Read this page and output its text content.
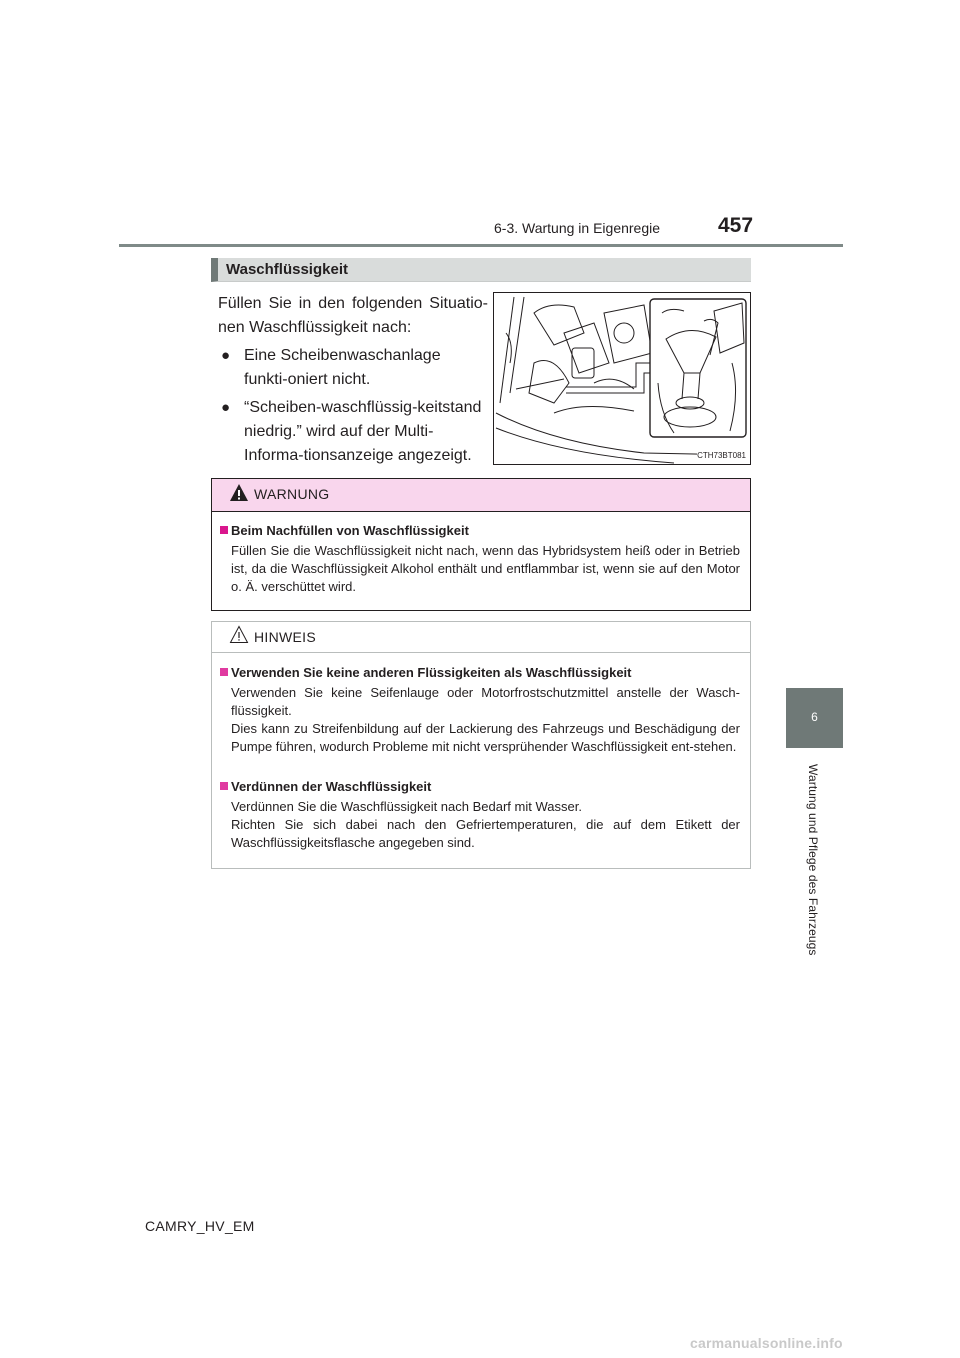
6-3. Wartung in Eigenregie	457
6
Wartung und Pflege des Fahrzeugs
Waschflüssigkeit

Füllen Sie in den folgenden Situatio-nen Waschflüssigkeit nach:

● Eine Scheibenwaschanlage funkti-oniert nicht.
● “Scheiben-waschflüssig-keitstand niedrig.” wird auf der Multi-Informa-tionsanzeige angezeigt.	CTH73BT081
WARNUNG
Beim Nachfüllen von Waschflüssigkeit
Füllen Sie die Waschflüssigkeit nicht nach, wenn das Hybridsystem heiß oder in Betrieb ist, da die Waschflüssigkeit Alkohol enthält und entflammbar ist, wenn sie auf den Motor o. Ä. verschüttet wird.
HINWEIS
Verwenden Sie keine anderen Flüssigkeiten als Waschflüssigkeit

Verwenden Sie keine Seifenlauge oder Motorfrostschutzmittel anstelle der Wasch-flüssigkeit.

Dies kann zu Streifenbildung auf der Lackierung des Fahrzeugs und Beschädigung der Pumpe führen, wodurch Probleme mit nicht versprühender Waschflüssigkeit ent-stehen.

Verdünnen der Waschflüssigkeit

Verdünnen Sie die Waschflüssigkeit nach Bedarf mit Wasser.

Richten Sie sich dabei nach den Gefriertemperaturen, die auf dem Etikett der Waschflüssigkeitsflasche angegeben sind.

CAMRY_HV_EM
carmanualsonline.info
